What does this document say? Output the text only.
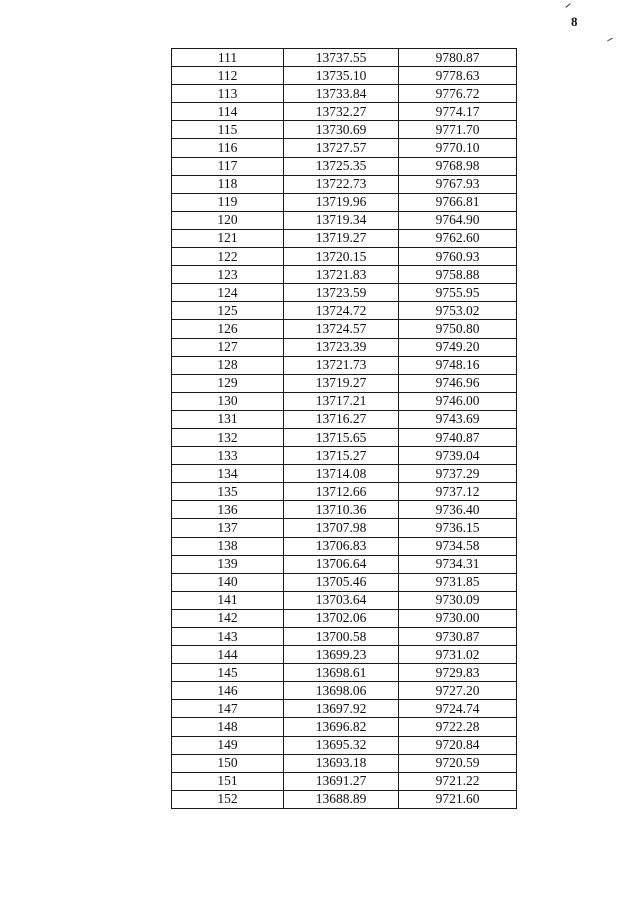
8
111	13737.55	9780.87
112	13735.10	9778.63
113	13733.84	9776.72
114	13732.27	9774.17
115	13730.69	9771.70
116	13727.57	9770.10
117	13725.35	9768.98
118	13722.73	9767.93
119	13719.96	9766.81
120	13719.34	9764.90
121	13719.27	9762.60
122	13720.15	9760.93
123	13721.83	9758.88
124	13723.59	9755.95
125	13724.72	9753.02
126	13724.57	9750.80
127	13723.39	9749.20
128	13721.73	9748.16
129	13719.27	9746.96
130	13717.21	9746.00
131	13716.27	9743.69
132	13715.65	9740.87
133	13715.27	9739.04
134	13714.08	9737.29
135	13712.66	9737.12
136	13710.36	9736.40
137	13707.98	9736.15
138	13706.83	9734.58
139	13706.64	9734.31
140	13705.46	9731.85
141	13703.64	9730.09
142	13702.06	9730.00
143	13700.58	9730.87
144	13699.23	9731.02
145	13698.61	9729.83
146	13698.06	9727.20
147	13697.92	9724.74
148	13696.82	9722.28
149	13695.32	9720.84
150	13693.18	9720.59
151	13691.27	9721.22
152	13688.89	9721.60
